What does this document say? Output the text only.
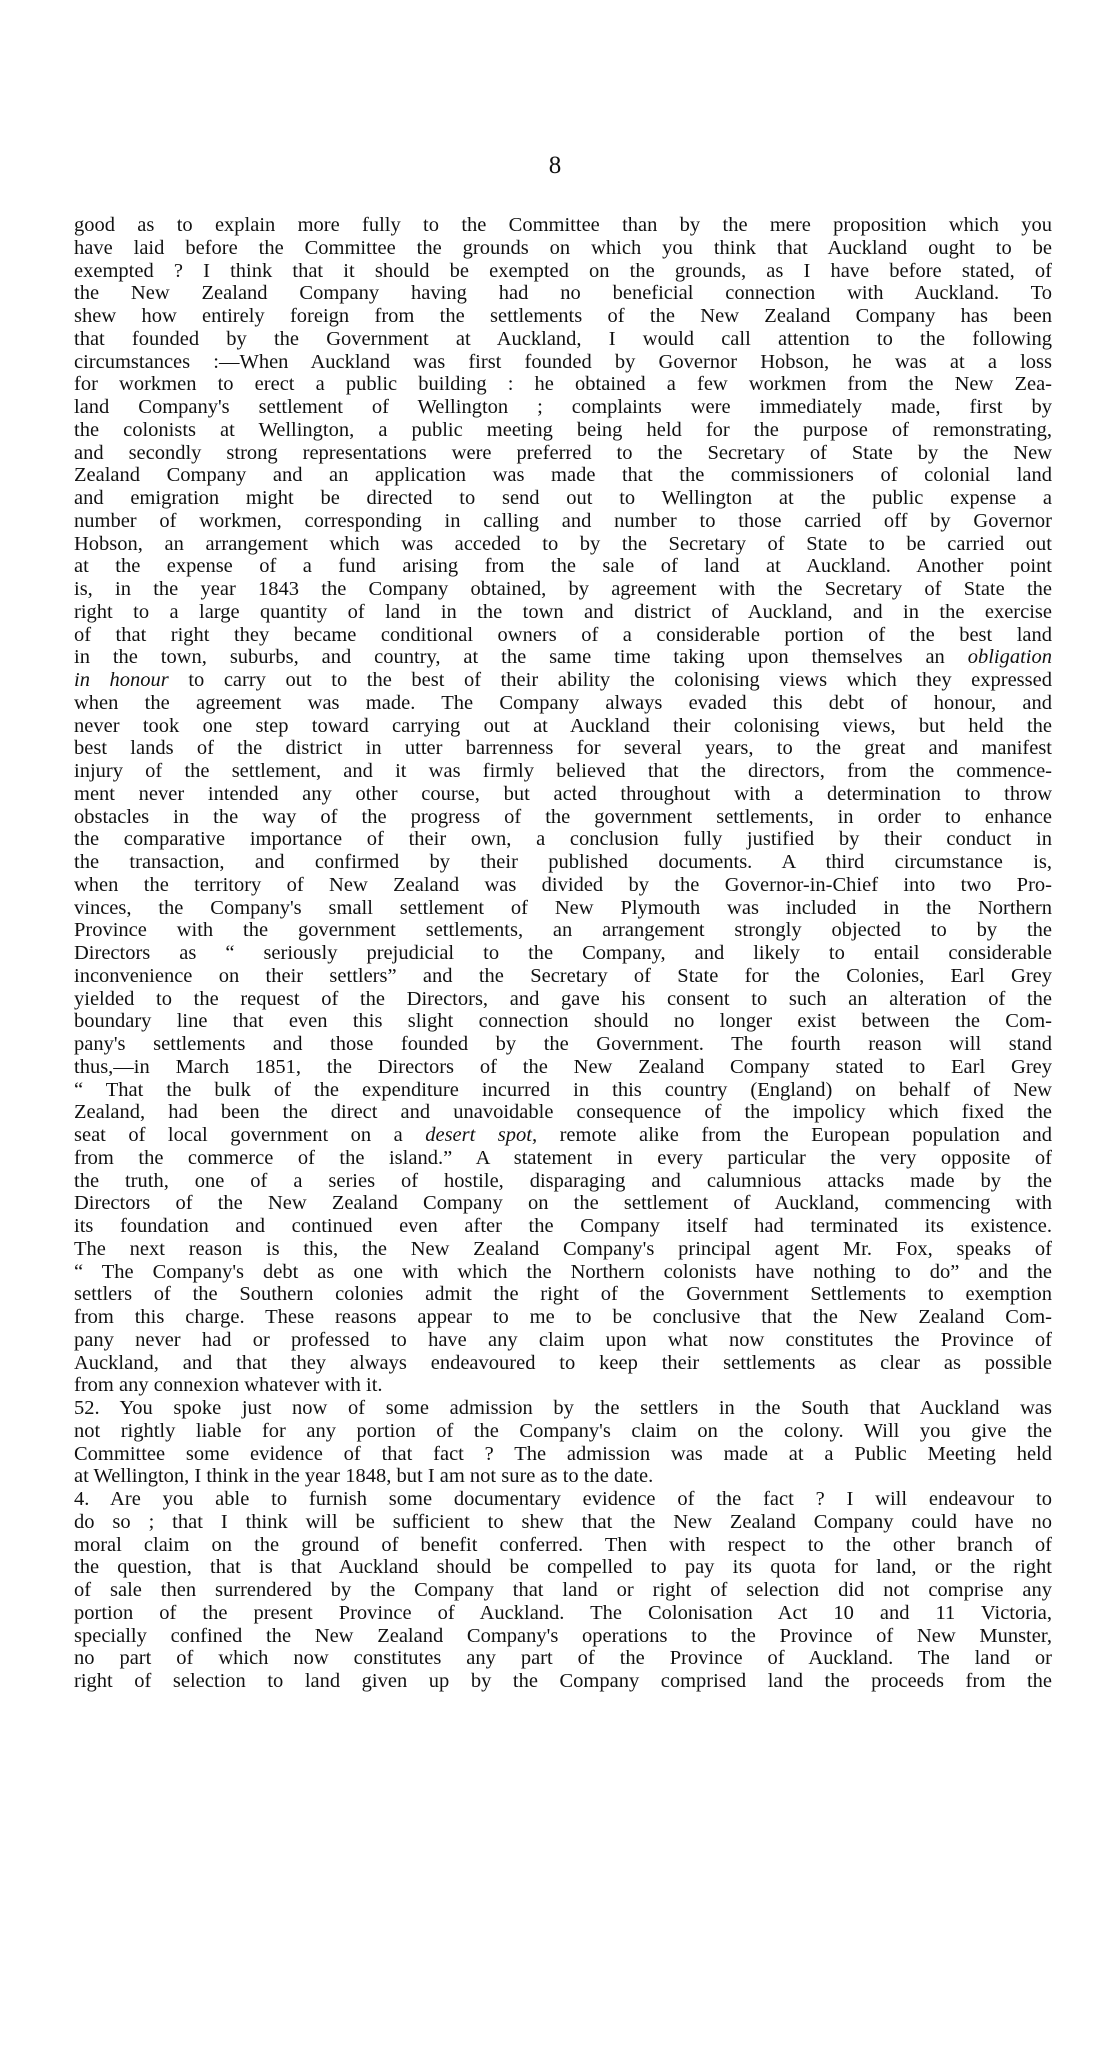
8
good as to explain more fully to the Committee than by the mere proposition which you
have laid before the Committee the grounds on which you think that Auckland ought to be
exempted ? I think that it should be exempted on the grounds, as I have before stated, of
the New Zealand Company having had no beneficial connection with Auckland. To
shew how entirely foreign from the settlements of the New Zealand Company has been
that founded by the Government at Auckland, I would call attention to the following
circumstances :—When Auckland was first founded by Governor Hobson, he was at a loss
for workmen to erect a public building : he obtained a few workmen from the New Zea-
land Company's settlement of Wellington ; complaints were immediately made, first by
the colonists at Wellington, a public meeting being held for the purpose of remonstrating,
and secondly strong representations were preferred to the Secretary of State by the New
Zealand Company and an application was made that the commissioners of colonial land
and emigration might be directed to send out to Wellington at the public expense a
number of workmen, corresponding in calling and number to those carried off by Governor
Hobson, an arrangement which was acceded to by the Secretary of State to be carried out
at the expense of a fund arising from the sale of land at Auckland. Another point
is, in the year 1843 the Company obtained, by agreement with the Secretary of State the
right to a large quantity of land in the town and district of Auckland, and in the exercise
of that right they became conditional owners of a considerable portion of the best land
in the town, suburbs, and country, at the same time taking upon themselves an obligation
in honour to carry out to the best of their ability the colonising views which they expressed
when the agreement was made. The Company always evaded this debt of honour, and
never took one step toward carrying out at Auckland their colonising views, but held the
best lands of the district in utter barrenness for several years, to the great and manifest
injury of the settlement, and it was firmly believed that the directors, from the commence-
ment never intended any other course, but acted throughout with a determination to throw
obstacles in the way of the progress of the government settlements, in order to enhance
the comparative importance of their own, a conclusion fully justified by their conduct in
the transaction, and confirmed by their published documents. A third circumstance is,
when the territory of New Zealand was divided by the Governor-in-Chief into two Pro-
vinces, the Company's small settlement of New Plymouth was included in the Northern
Province with the government settlements, an arrangement strongly objected to by the
Directors as “ seriously prejudicial to the Company, and likely to entail considerable
inconvenience on their settlers” and the Secretary of State for the Colonies, Earl Grey
yielded to the request of the Directors, and gave his consent to such an alteration of the
boundary line that even this slight connection should no longer exist between the Com-
pany's settlements and those founded by the Government. The fourth reason will stand
thus,—in March 1851, the Directors of the New Zealand Company stated to Earl Grey
“ That the bulk of the expenditure incurred in this country (England) on behalf of New
Zealand, had been the direct and unavoidable consequence of the impolicy which fixed the
seat of local government on a desert spot, remote alike from the European population and
from the commerce of the island.” A statement in every particular the very opposite of
the truth, one of a series of hostile, disparaging and calumnious attacks made by the
Directors of the New Zealand Company on the settlement of Auckland, commencing with
its foundation and continued even after the Company itself had terminated its existence.
The next reason is this, the New Zealand Company's principal agent Mr. Fox, speaks of
“ The Company's debt as one with which the Northern colonists have nothing to do” and the
settlers of the Southern colonies admit the right of the Government Settlements to exemption
from this charge. These reasons appear to me to be conclusive that the New Zealand Com-
pany never had or professed to have any claim upon what now constitutes the Province of
Auckland, and that they always endeavoured to keep their settlements as clear as possible
from any connexion whatever with it.
52. You spoke just now of some admission by the settlers in the South that Auckland was
not rightly liable for any portion of the Company's claim on the colony. Will you give the
Committee some evidence of that fact ? The admission was made at a Public Meeting held
at Wellington, I think in the year 1848, but I am not sure as to the date.
4. Are you able to furnish some documentary evidence of the fact ? I will endeavour to
do so ; that I think will be sufficient to shew that the New Zealand Company could have no
moral claim on the ground of benefit conferred. Then with respect to the other branch of
the question, that is that Auckland should be compelled to pay its quota for land, or the right
of sale then surrendered by the Company that land or right of selection did not comprise any
portion of the present Province of Auckland. The Colonisation Act 10 and 11 Victoria,
specially confined the New Zealand Company's operations to the Province of New Munster,
no part of which now constitutes any part of the Province of Auckland. The land or
right of selection to land given up by the Company comprised land the proceeds from the
